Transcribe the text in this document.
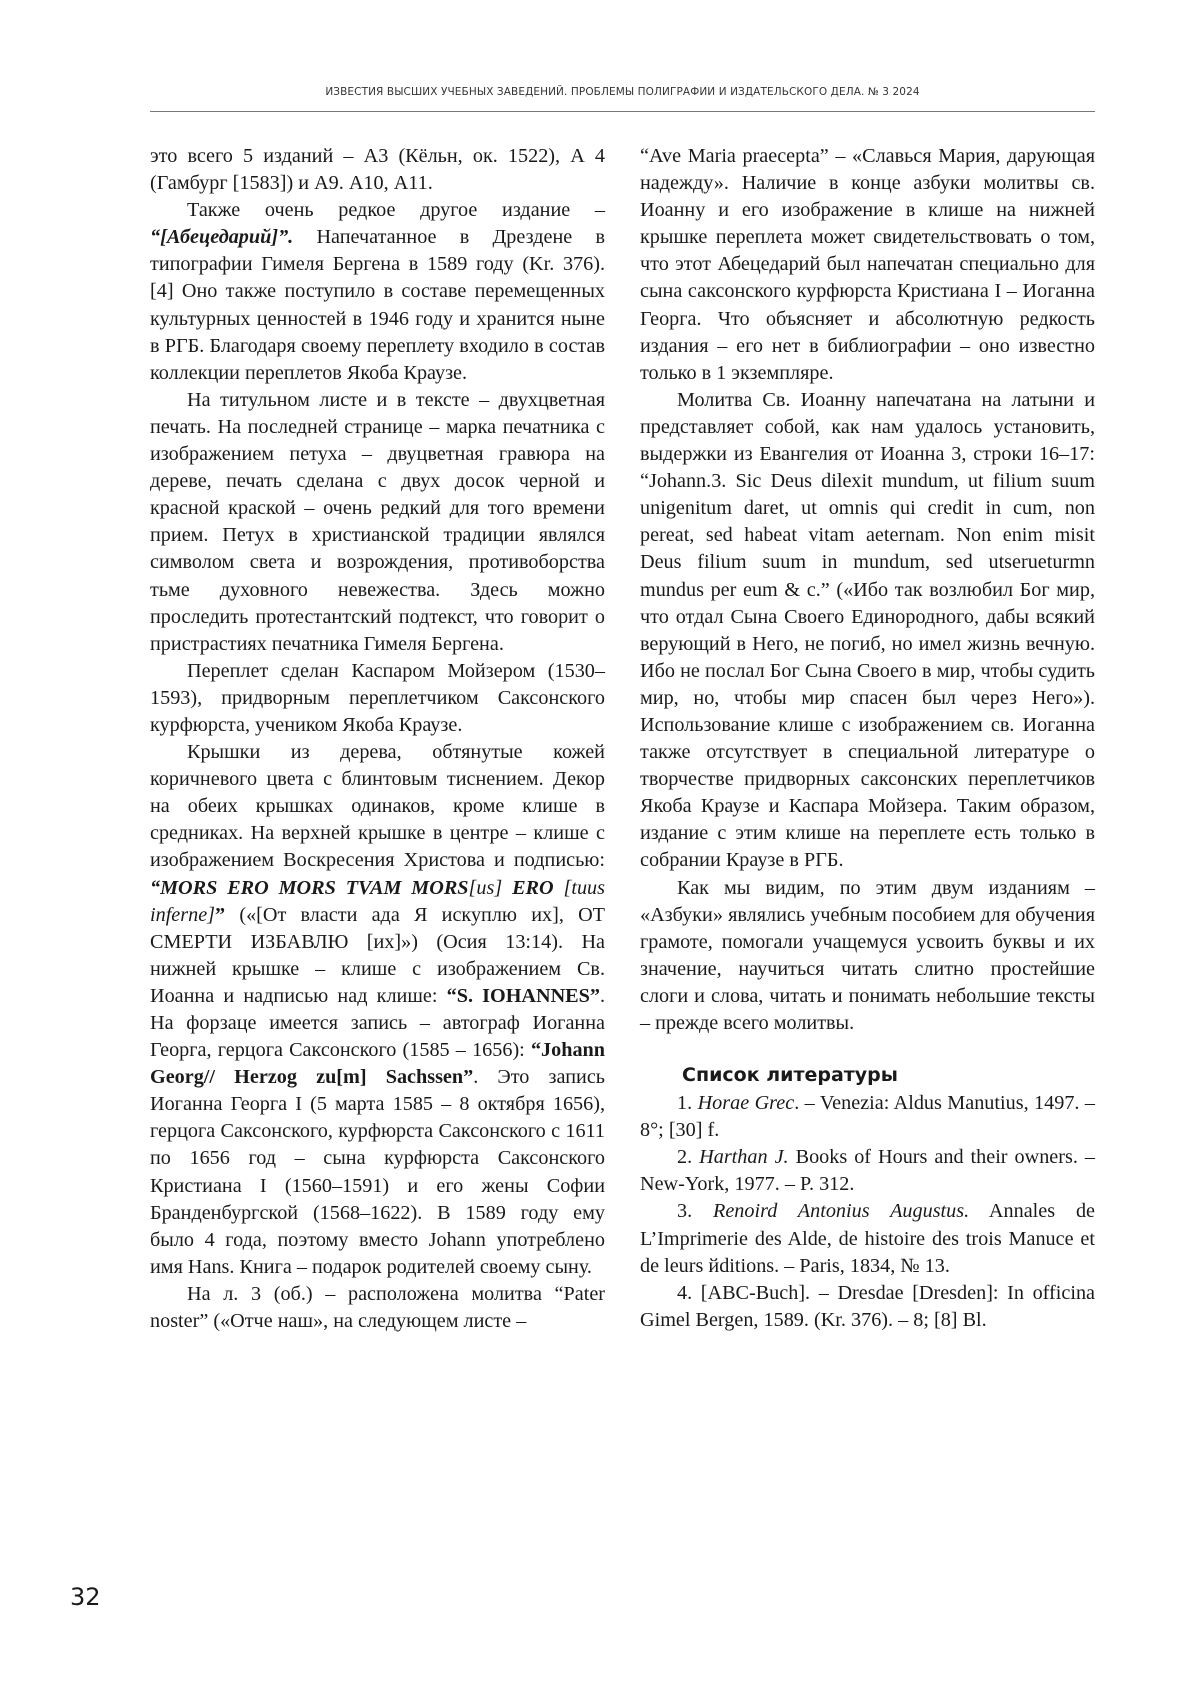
ИЗВЕСТИЯ ВЫСШИХ УЧЕБНЫХ ЗАВЕДЕНИЙ. ПРОБЛЕМЫ ПОЛИГРАФИИ И ИЗДАТЕЛЬСКОГО ДЕЛА. № 3 2024

это всего 5 изданий – А3 (Кёльн, ок. 1522), А 4 (Гамбург [1583]) и А9. А10, А11.

Также очень редкое другое издание – “[Абецедарий]”. Напечатанное в Дрездене в типографии Гимеля Бергена в 1589 году (Kr. 376). [4] Оно также поступило в составе перемещенных культурных ценностей в 1946 году и хранится ныне в РГБ. Благодаря своему переплету входило в состав коллекции переплетов Якоба Краузе.

На титульном листе и в тексте – двухцветная печать. На последней странице – марка печатника с изображением петуха – двуцветная гравюра на дереве, печать сделана с двух досок черной и красной краской – очень редкий для того времени прием. Петух в христианской традиции являлся символом света и возрождения, противоборства тьме духовного невежества. Здесь можно проследить протестантский подтекст, что говорит о пристрастиях печатника Гимеля Бергена.

Переплет сделан Каспаром Мойзером (1530–1593), придворным переплетчиком Саксонского курфюрста, учеником Якоба Краузе.

Крышки из дерева, обтянутые кожей коричневого цвета с блинтовым тиснением. Декор на обеих крышках одинаков, кроме клише в средниках. На верхней крышке в центре – клише с изображением Воскресения Христова и подписью: “MORS ERO MORS TVAM MORS[us] ERO [tuus inferne]” («[От власти ада Я искуплю их], ОТ СМЕРТИ ИЗБАВЛЮ [их]») (Осия 13:14). На нижней крышке – клише с изображением Св. Иоанна и надписью над клише: “S. IOHANNES”. На форзаце имеется запись – автограф Иоганна Георга, герцога Саксонского (1585 – 1656): “Johann Georg// Herzog zu[m] Sachssen”. Это запись Иоганна Георга I (5 марта 1585 – 8 октября 1656), герцога Саксонского, курфюрста Саксонского с 1611 по 1656 год – сына курфюрста Саксонского Кристиана I (1560–1591) и его жены Софии Бранденбургской (1568–1622). В 1589 году ему было 4 года, поэтому вместо Johann употреблено имя Hans. Книга – подарок родителей своему сыну.

На л. 3 (об.) – расположена молитва “Pater noster” («Отче наш», на следующем листе –

“Ave Maria praecepta” – «Славься Мария, дарующая надежду». Наличие в конце азбуки молитвы св. Иоанну и его изображение в клише на нижней крышке переплета может свидетельствовать о том, что этот Абецедарий был напечатан специально для сына саксонского курфюрста Кристиана I – Иоганна Георга. Что объясняет и абсолютную редкость издания – его нет в библиографии – оно известно только в 1 экземпляре.

Молитва Св. Иоанну напечатана на латыни и представляет собой, как нам удалось установить, выдержки из Евангелия от Иоанна 3, строки 16–17: “Johann.3. Sic Deus dilexit mundum, ut filium suum unigenitum daret, ut omnis qui credit in cum, non pereat, sed habeat vitam aeternam. Non enim misit Deus filium suum in mundum, sed utserueturmn mundus per eum & c.” («Ибо так возлюбил Бог мир, что отдал Сына Своего Единородного, дабы всякий верующий в Него, не погиб, но имел жизнь вечную. Ибо не послал Бог Сына Своего в мир, чтобы судить мир, но, чтобы мир спасен был через Него»). Использование клише с изображением св. Иоганна также отсутствует в специальной литературе о творчестве придворных саксонских переплетчиков Якоба Краузе и Каспара Мойзера. Таким образом, издание с этим клише на переплете есть только в собрании Краузе в РГБ.

Как мы видим, по этим двум изданиям – «Азбуки» являлись учебным пособием для обучения грамоте, помогали учащемуся усвоить буквы и их значение, научиться читать слитно простейшие слоги и слова, читать и понимать небольшие тексты – прежде всего молитвы.

Список литературы

1. Horae Grec. – Venezia: Aldus Manutius, 1497. – 8°; [30] f.

2. Harthan J. Books of Hours and their owners. – New-York, 1977. – P. 312.

3. Renoird Antonius Augustus. Annales de L’Imprimerie des Alde, de histoire des trois Manuce et de leurs йditions. – Paris, 1834, № 13.

4. [ABC-Buch]. – Dresdae [Dresden]: In officina Gimel Bergen, 1589. (Kr. 376). – 8; [8] Bl.

32
